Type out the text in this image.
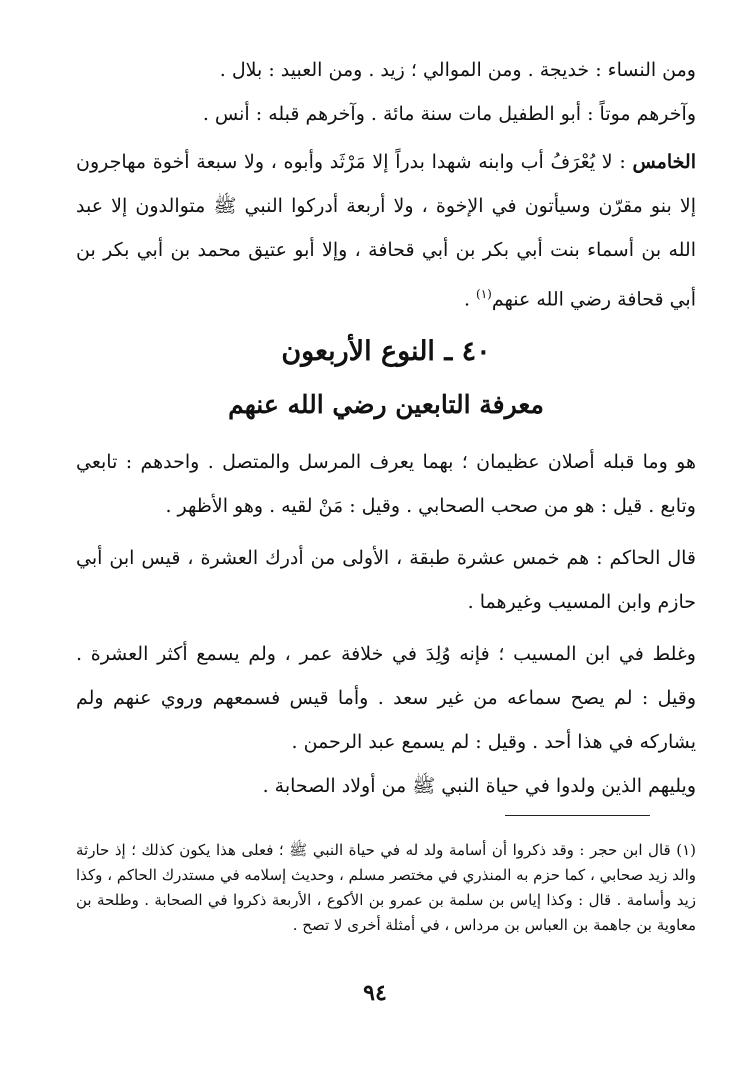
ومن النساء : خديجة . ومن الموالي ؛ زيد . ومن العبيد : بلال .
وآخرهم موتاً : أبو الطفيل مات سنة مائة . وآخرهم قبله : أنس .

الخامس : لا يُعْرَفُ أب وابنه شهدا بدراً إلا مَرْثَد وأبوه ، ولا سبعة أخوة مهاجرون إلا بنو مقرّن وسيأتون في الإخوة ، ولا أربعة أدركوا النبي ﷺ متوالدون إلا عبد الله بن أسماء بنت أبي بكر بن أبي قحافة ، وإلا أبو عتيق محمد بن أبي بكر بن أبي قحافة رضي الله عنهم$^{(١)}$ .

٤٠ ـ النوع الأربعون
معرفة التابعين رضي الله عنهم

هو وما قبله أصلان عظيمان ؛ بهما يعرف المرسل والمتصل . واحدهم : تابعي وتابع . قيل : هو من صحب الصحابي . وقيل : مَنْ لقيه . وهو الأظهر .

قال الحاكم : هم خمس عشرة طبقة ، الأولى من أدرك العشرة ، قيس ابن أبي حازم وابن المسيب وغيرهما .

وغلط في ابن المسيب ؛ فإنه وُلِدَ في خلافة عمر ، ولم يسمع أكثر العشرة . وقيل : لم يصح سماعه من غير سعد . وأما قيس فسمعهم وروي عنهم ولم يشاركه في هذا أحد . وقيل : لم يسمع عبد الرحمن .

ويليهم الذين ولدوا في حياة النبي ﷺ من أولاد الصحابة .

(١) قال ابن حجر : وقد ذكروا أن أسامة ولد له في حياة النبي ﷺ ؛ فعلى هذا يكون كذلك ؛ إذ حارثة والد زيد صحابي ، كما حزم به المنذري في مختصر مسلم ، وحديث إسلامه في مستدرك الحاكم ، وكذا زيد وأسامة . قال : وكذا إياس بن سلمة بن عمرو بن الأكوع ، الأربعة ذكروا في الصحابة . وطلحة بن معاوية بن جاهمة بن العباس بن مرداس ، في أمثلة أخرى لا تصح .

٩٤
